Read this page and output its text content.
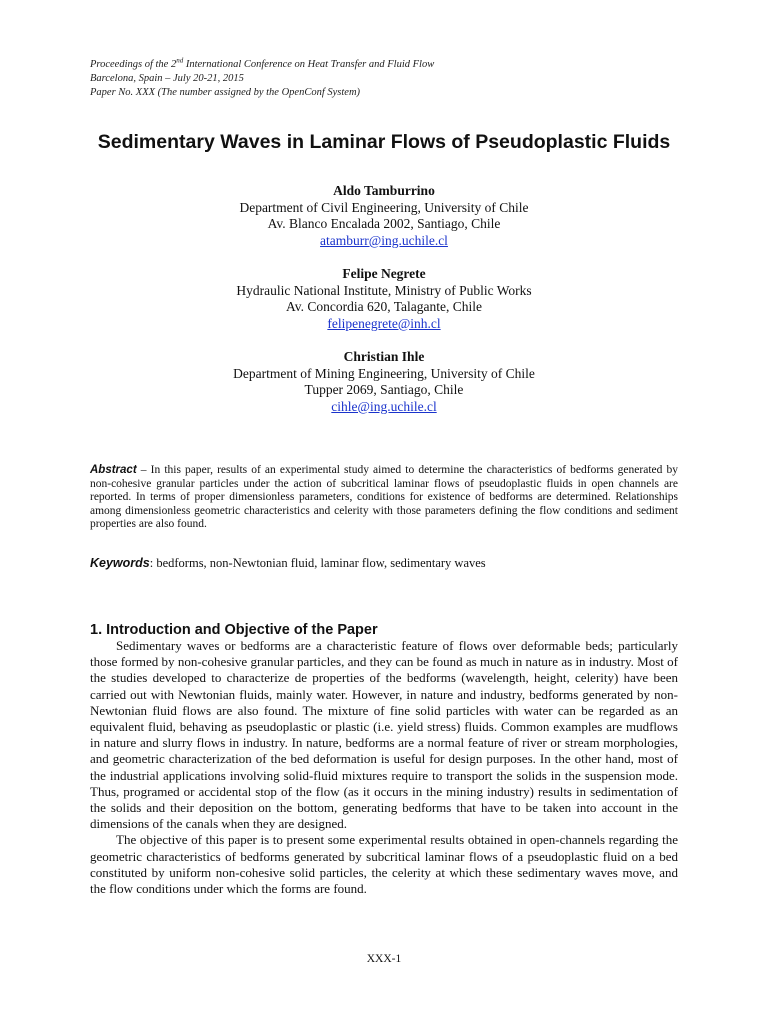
Proceedings of the 2nd International Conference on Heat Transfer and Fluid Flow
Barcelona, Spain – July 20-21, 2015
Paper No. XXX (The number assigned by the OpenConf System)
Sedimentary Waves in Laminar Flows of Pseudoplastic Fluids
Aldo Tamburrino
Department of Civil Engineering, University of Chile
Av. Blanco Encalada 2002, Santiago, Chile
atamburr@ing.uchile.cl
Felipe Negrete
Hydraulic National Institute, Ministry of Public Works
Av. Concordia 620, Talagante, Chile
felipenegrete@inh.cl
Christian Ihle
Department of Mining Engineering, University of Chile
Tupper 2069, Santiago, Chile
cihle@ing.uchile.cl
Abstract – In this paper, results of an experimental study aimed to determine the characteristics of bedforms generated by non-cohesive granular particles under the action of subcritical laminar flows of pseudoplastic fluids in open channels are reported. In terms of proper dimensionless parameters, conditions for existence of bedforms are determined. Relationships among dimensionless geometric characteristics and celerity with those parameters defining the flow conditions and sediment properties are also found.
Keywords: bedforms, non-Newtonian fluid, laminar flow, sedimentary waves
1. Introduction and Objective of the Paper

Sedimentary waves or bedforms are a characteristic feature of flows over deformable beds; particularly those formed by non-cohesive granular particles, and they can be found as much in nature as in industry. Most of the studies developed to characterize de properties of the bedforms (wavelength, height, celerity) have been carried out with Newtonian fluids, mainly water. However, in nature and industry, bedforms generated by non-Newtonian fluid flows are also found. The mixture of fine solid particles with water can be regarded as an equivalent fluid, behaving as pseudoplastic or plastic (i.e. yield stress) fluids. Common examples are mudflows in nature and slurry flows in industry. In nature, bedforms are a normal feature of river or stream morphologies, and geometric characterization of the bed deformation is useful for design purposes. In the other hand, most of the industrial applications involving solid-fluid mixtures require to transport the solids in the suspension mode. Thus, programed or accidental stop of the flow (as it occurs in the mining industry) results in sedimentation of the solids and their deposition on the bottom, generating bedforms that have to be taken into account in the dimensions of the canals when they are designed.

The objective of this paper is to present some experimental results obtained in open-channels regarding the geometric characteristics of bedforms generated by subcritical laminar flows of a pseudoplastic fluid on a bed constituted by uniform non-cohesive solid particles, the celerity at which these sedimentary waves move, and the flow conditions under which the forms are found.

XXX-1
